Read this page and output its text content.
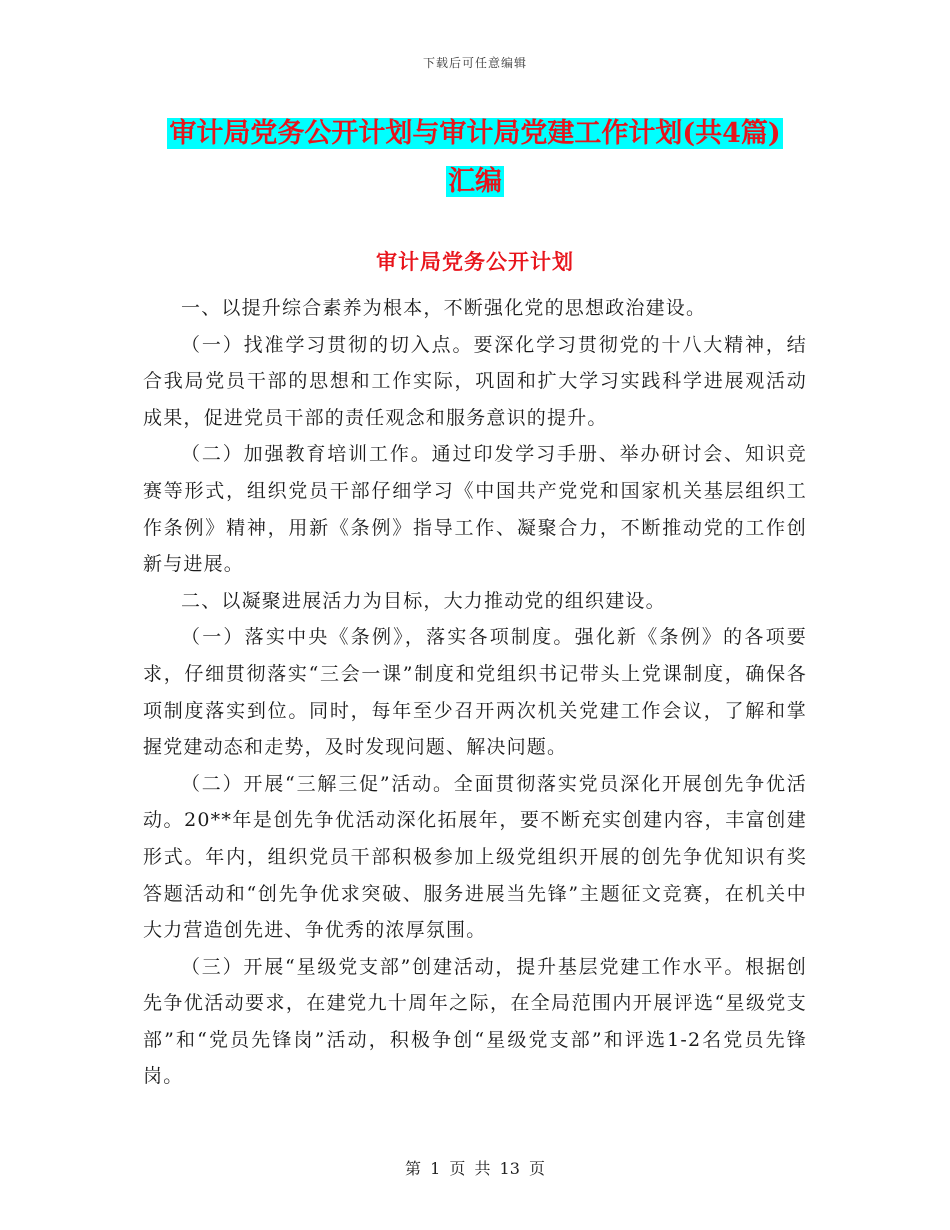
下载后可任意编辑
审计局党务公开计划与审计局党建工作计划(共4篇)
汇编
审计局党务公开计划

一、以提升综合素养为根本，不断强化党的思想政治建设。

（一）找准学习贯彻的切入点。要深化学习贯彻党的十八大精神，结合我局党员干部的思想和工作实际，巩固和扩大学习实践科学进展观活动成果，促进党员干部的责任观念和服务意识的提升。

（二）加强教育培训工作。通过印发学习手册、举办研讨会、知识竞赛等形式，组织党员干部仔细学习《中国共产党党和国家机关基层组织工作条例》精神，用新《条例》指导工作、凝聚合力，不断推动党的工作创新与进展。

二、以凝聚进展活力为目标，大力推动党的组织建设。

（一）落实中央《条例》，落实各项制度。强化新《条例》的各项要求，仔细贯彻落实“三会一课”制度和党组织书记带头上党课制度，确保各项制度落实到位。同时，每年至少召开两次机关党建工作会议，了解和掌握党建动态和走势，及时发现问题、解决问题。

（二）开展“三解三促”活动。全面贯彻落实党员深化开展创先争优活动。20**年是创先争优活动深化拓展年，要不断充实创建内容，丰富创建形式。年内，组织党员干部积极参加上级党组织开展的创先争优知识有奖答题活动和“创先争优求突破、服务进展当先锋”主题征文竞赛，在机关中大力营造创先进、争优秀的浓厚氛围。

（三）开展“星级党支部”创建活动，提升基层党建工作水平。根据创先争优活动要求，在建党九十周年之际，在全局范围内开展评选“星级党支部”和“党员先锋岗”活动，积极争创“星级党支部”和评选1-2名党员先锋岗。

第 1 页 共 13 页
